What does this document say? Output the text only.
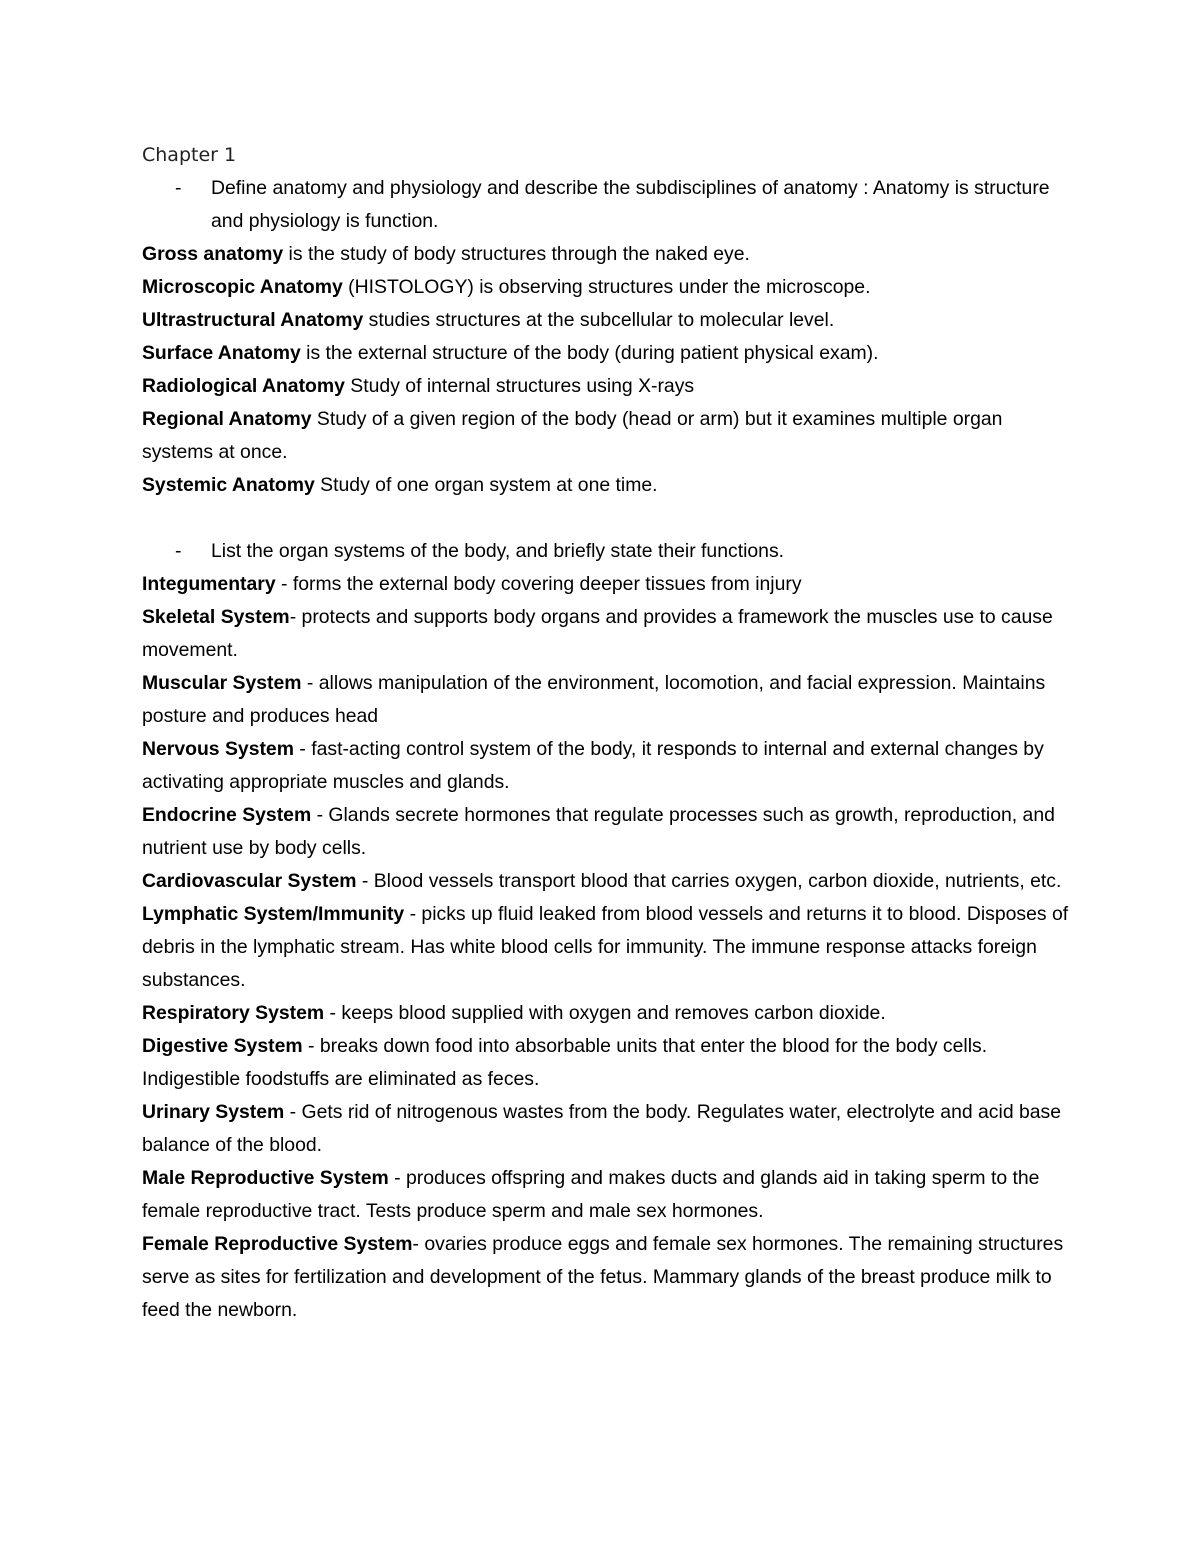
Chapter 1
- Define anatomy and physiology and describe the subdisciplines of anatomy : Anatomy is structure and physiology is function.

Gross anatomy is the study of body structures through the naked eye.

Microscopic Anatomy (HISTOLOGY) is observing structures under the microscope.

Ultrastructural Anatomy studies structures at the subcellular to molecular level.

Surface Anatomy is the external structure of the body (during patient physical exam).

Radiological Anatomy Study of internal structures using X-rays

Regional Anatomy Study of a given region of the body (head or arm) but it examines multiple organ systems at once.

Systemic Anatomy Study of one organ system at one time.

- List the organ systems of the body, and briefly state their functions.

Integumentary - forms the external body covering deeper tissues from injury

Skeletal System- protects and supports body organs and provides a framework the muscles use to cause movement.

Muscular System - allows manipulation of the environment, locomotion, and facial expression. Maintains posture and produces head

Nervous System - fast-acting control system of the body, it responds to internal and external changes by activating appropriate muscles and glands.

Endocrine System - Glands secrete hormones that regulate processes such as growth, reproduction, and nutrient use by body cells.

Cardiovascular System - Blood vessels transport blood that carries oxygen, carbon dioxide, nutrients, etc.

Lymphatic System/Immunity - picks up fluid leaked from blood vessels and returns it to blood. Disposes of debris in the lymphatic stream. Has white blood cells for immunity. The immune response attacks foreign substances.

Respiratory System - keeps blood supplied with oxygen and removes carbon dioxide.

Digestive System - breaks down food into absorbable units that enter the blood for the body cells. Indigestible foodstuffs are eliminated as feces.

Urinary System - Gets rid of nitrogenous wastes from the body. Regulates water, electrolyte and acid base balance of the blood.

Male Reproductive System - produces offspring and makes ducts and glands aid in taking sperm to the female reproductive tract. Tests produce sperm and male sex hormones.

Female Reproductive System- ovaries produce eggs and female sex hormones. The remaining structures serve as sites for fertilization and development of the fetus. Mammary glands of the breast produce milk to feed the newborn.
